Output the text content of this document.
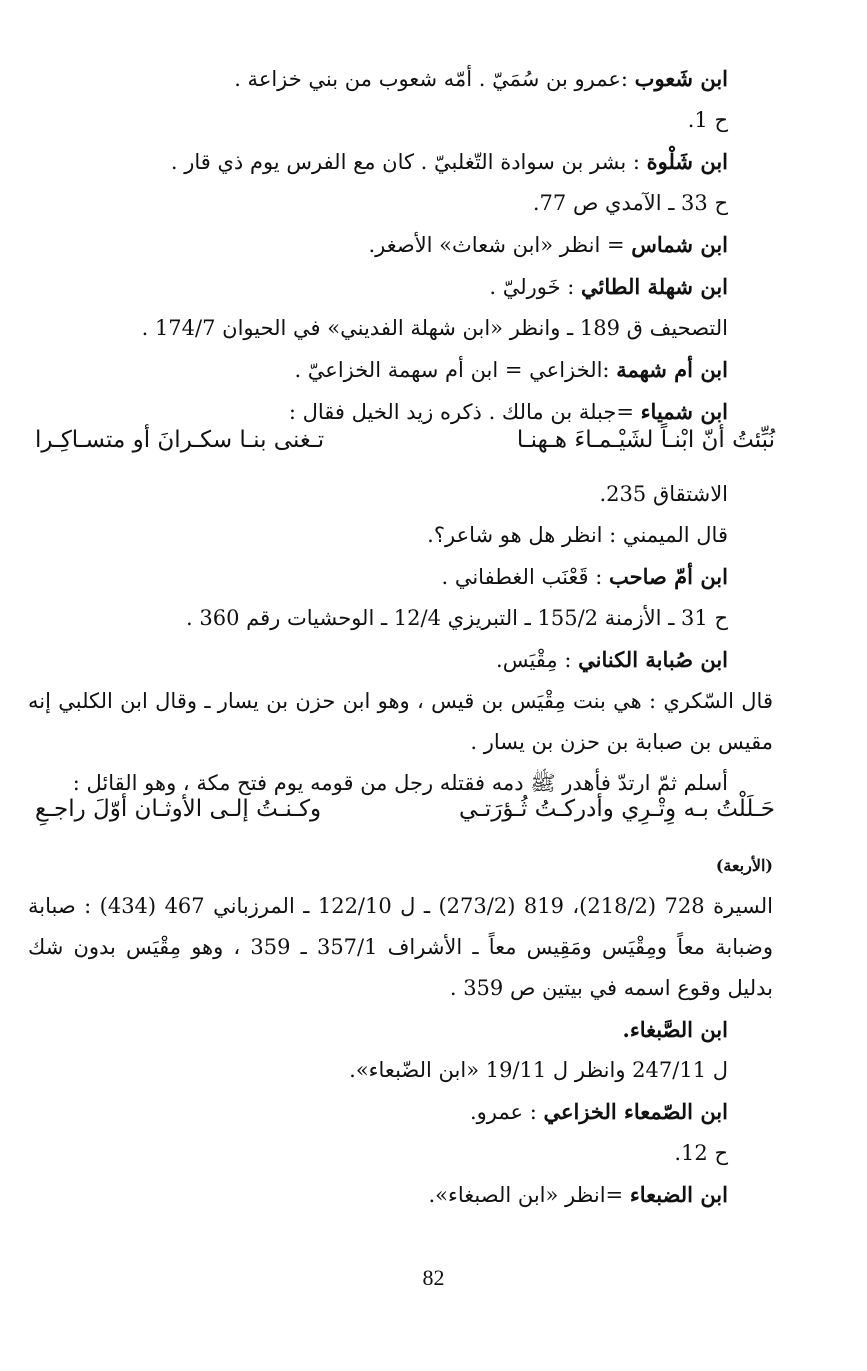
ابن شَعوب :عمرو بن سُمَيّ . أمّه شعوب من بني خزاعة .
ح 1.
ابن شَلْوة : بشر بن سوادة التّغلبيّ . كان مع الفرس يوم ذي قار .
ح 33 ـ الآمدي ص 77.
ابن شماس = انظر «ابن شعاث» الأصغر.
ابن شهلة الطائي : خَورليّ .
التصحيف ق 189 ـ وانظر «ابن شهلة الفديني» في الحيوان 174/7 .
ابن أم شهمة :الخزاعي = ابن أم سهمة الخزاعيّ .
ابن شمياء =جبلة بن مالك . ذكره زيد الخيل فقال :
الاشتقاق 235.
قال الميمني : انظر هل هو شاعر؟.
ابن أمّ صاحب : قَعْنَب الغطفاني .
ح 31 ـ الأزمنة 155/2 ـ التبريزي 12/4 ـ الوحشيات رقم 360 .
ابن صُبابة الكناني : مِقْيَس.
قال السّكري : هي بنت مِقْيَس بن قيس ، وهو ابن حزن بن يسار ـ وقال ابن الكلبي إنه مقيس بن صبابة بن حزن بن يسار .
أسلم ثمّ ارتدّ فأهدر ﷺ دمه فقتله رجل من قومه يوم فتح مكة ، وهو القائل :
(الأربعة)
السيرة 728 (218/2)، 819 (273/2) ـ ل 122/10 ـ المرزباني 467 (434) : صبابة وضبابة معاً ومِقْيَس ومَقِيس معاً ـ الأشراف 357/1 ـ 359 ، وهو مِقْيَس بدون شك بدليل وقوع اسمه في بيتين ص 359 .
ابن الصَّبغاء.
ل 247/11 وانظر ل 19/11 «ابن الضّبعاء».
ابن الصّمعاء الخزاعي : عمرو.
ح 12.
ابن الضبعاء =انظر «ابن الصبغاء».
نُبِّئتُ أنّ ابْنـاً لشَيْـمـاءَ هـهنـا
تـغنى بنـا سكـرانَ أو متسـاكِـرا
حَـلَلْتُ بـه وِتْـرِي وأدركـتُ ثُـؤرَتـي
وكـنـتُ إلـى الأوثـان أوّلَ راجـعِ
82
